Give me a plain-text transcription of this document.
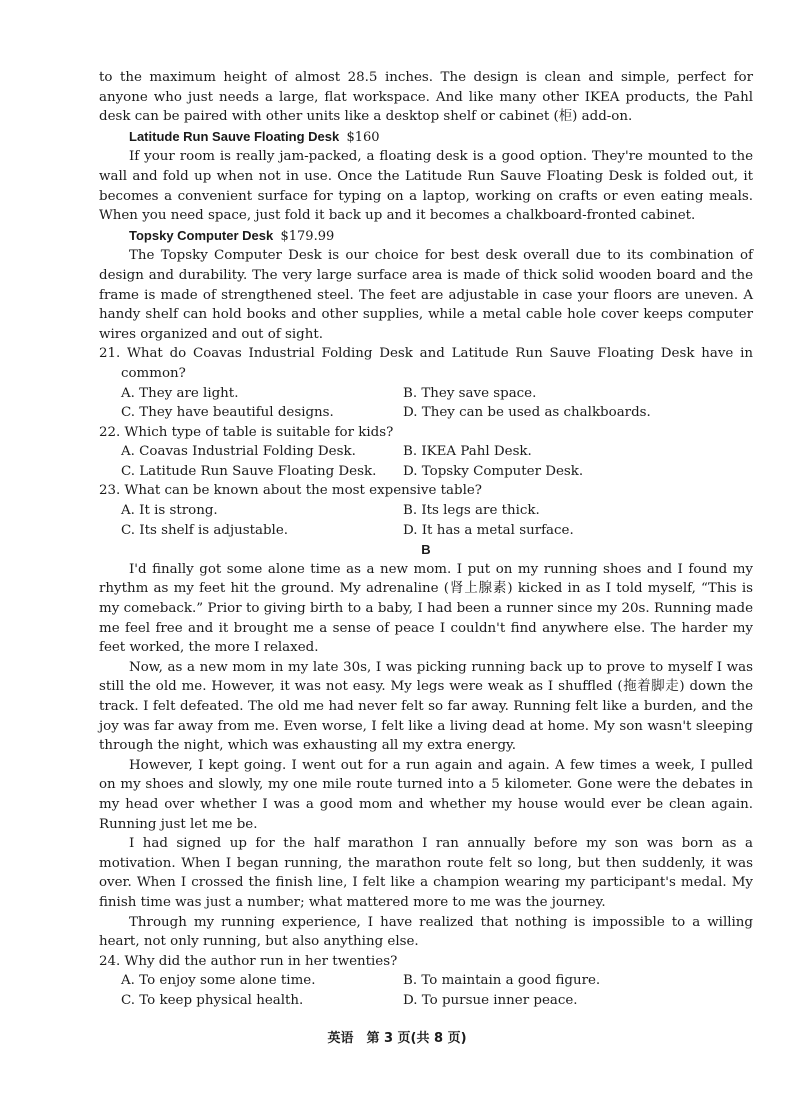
to the maximum height of almost 28.5 inches. The design is clean and simple, perfect for anyone who just needs a large, flat workspace. And like many other IKEA products, the Pahl desk can be paired with other units like a desktop shelf or cabinet (柜) add-on.

Latitude Run Sauve Floating Desk $160

If your room is really jam-packed, a floating desk is a good option. They're mounted to the wall and fold up when not in use. Once the Latitude Run Sauve Floating Desk is folded out, it becomes a convenient surface for typing on a laptop, working on crafts or even eating meals. When you need space, just fold it back up and it becomes a chalkboard-fronted cabinet.

Topsky Computer Desk $179.99

The Topsky Computer Desk is our choice for best desk overall due to its combination of design and durability. The very large surface area is made of thick solid wooden board and the frame is made of strengthened steel. The feet are adjustable in case your floors are uneven. A handy shelf can hold books and other supplies, while a metal cable hole cover keeps computer wires organized and out of sight.

21. What do Coavas Industrial Folding Desk and Latitude Run Sauve Floating Desk have in common?
A. They are light.	B. They save space.
C. They have beautiful designs.	D. They can be used as chalkboards.
22. Which type of table is suitable for kids?
A. Coavas Industrial Folding Desk.	B. IKEA Pahl Desk.
C. Latitude Run Sauve Floating Desk.	D. Topsky Computer Desk.
23. What can be known about the most expensive table?
A. It is strong.	B. Its legs are thick.
C. Its shelf is adjustable.	D. It has a metal surface.

B

I'd finally got some alone time as a new mom. I put on my running shoes and I found my rhythm as my feet hit the ground. My adrenaline (肾上腺素) kicked in as I told myself, “This is my comeback.” Prior to giving birth to a baby, I had been a runner since my 20s. Running made me feel free and it brought me a sense of peace I couldn't find anywhere else. The harder my feet worked, the more I relaxed.

Now, as a new mom in my late 30s, I was picking running back up to prove to myself I was still the old me. However, it was not easy. My legs were weak as I shuffled (拖着脚走) down the track. I felt defeated. The old me had never felt so far away. Running felt like a burden, and the joy was far away from me. Even worse, I felt like a living dead at home. My son wasn't sleeping through the night, which was exhausting all my extra energy.

However, I kept going. I went out for a run again and again. A few times a week, I pulled on my shoes and slowly, my one mile route turned into a 5 kilometer. Gone were the debates in my head over whether I was a good mom and whether my house would ever be clean again. Running just let me be.

I had signed up for the half marathon I ran annually before my son was born as a motivation. When I began running, the marathon route felt so long, but then suddenly, it was over. When I crossed the finish line, I felt like a champion wearing my participant's medal. My finish time was just a number; what mattered more to me was the journey.

Through my running experience, I have realized that nothing is impossible to a willing heart, not only running, but also anything else.

24. Why did the author run in her twenties?
A. To enjoy some alone time.	B. To maintain a good figure.
C. To keep physical health.	D. To pursue inner peace.
英语　第 3 页(共 8 页)
